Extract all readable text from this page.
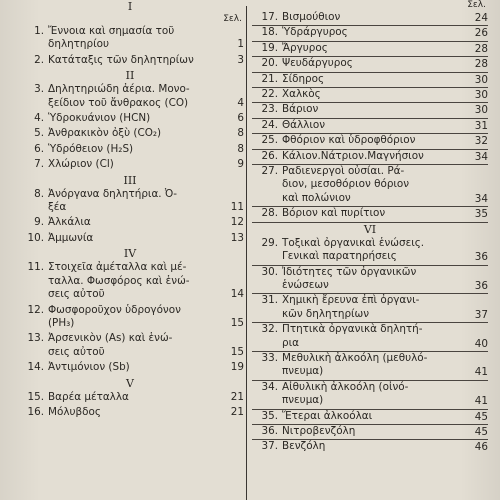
I
Σελ.
1. Ἔννοια καὶ σημασία τοῦ
δηλητηρίου	1
2. Κατάταξις τῶν δηλητηρίων	3
II
3. Δηλητηριώδη ἀέρια. Μονο-
ξείδιον τοῦ ἄνθρακος (CO)	4
4. Ὑδροκυάνιον (HCN)	6
5. Ἀνθρακικὸν ὀξὺ (CO₂)	8
6. Ὑδρόθειον (H₂S)	8
7. Χλώριον (Cl)	9
III
8. Ἀνόργανα δηλητήρια. Ὀ-
ξέα	11
9. Ἀλκάλια	12
10. Ἀμμωνία	13
IV
11. Στοιχεῖα ἀμέταλλα καὶ μέ-
ταλλα. Φωσφόρος καὶ ἑνώ-
σεις αὐτοῦ	14
12. Φωσφοροῦχον ὑδρογόνον
(PH₃)	15
13. Ἀρσενικὸν (As) καὶ ἑνώ-
σεις αὐτοῦ	15
14. Ἀντιμόνιον (Sb)	19
V
15. Βαρέα μέταλλα	21
16. Μόλυβδος	21
Σελ.
17. Βισμούθιον	24
18. Ὑδράργυρος	26
19. Ἄργυρος	28
20. Ψευδάργυρος	28
21. Σίδηρος	30
22. Χαλκὸς	30
23. Βάριον	30
24. Θάλλιον	31
25. Φθόριον καὶ ὑδροφθόριον	32
26. Κάλιον.Νάτριον.Μαγνήσιον	34
27. Ραδιενεργοὶ οὐσίαι. Ρά-
διον, μεσοθόριον θόριον
καὶ πολώνιον	34
28. Βόριον καὶ πυρίτιον	35
VI
29. Τοξικαὶ ὀργανικαὶ ἑνώσεις.
Γενικαὶ παρατηρήσεις	36
30. Ἰδιότητες τῶν ὀργανικῶν
ἑνώσεων	36
31. Χημικὴ ἔρευνα ἐπὶ ὀργανι-
κῶν δηλητηρίων	37
32. Πτητικὰ ὀργανικὰ δηλητή-
ρια	40
33. Μεθυλικὴ ἀλκοόλη (μεθυλό-
πνευμα)	41
34. Αἰθυλικὴ ἀλκοόλη (οἰνό-
πνευμα)	41
35. Ἕτεραι ἀλκοόλαι	45
36. Νιτροβενζόλη	45
37. Βενζόλη	46
